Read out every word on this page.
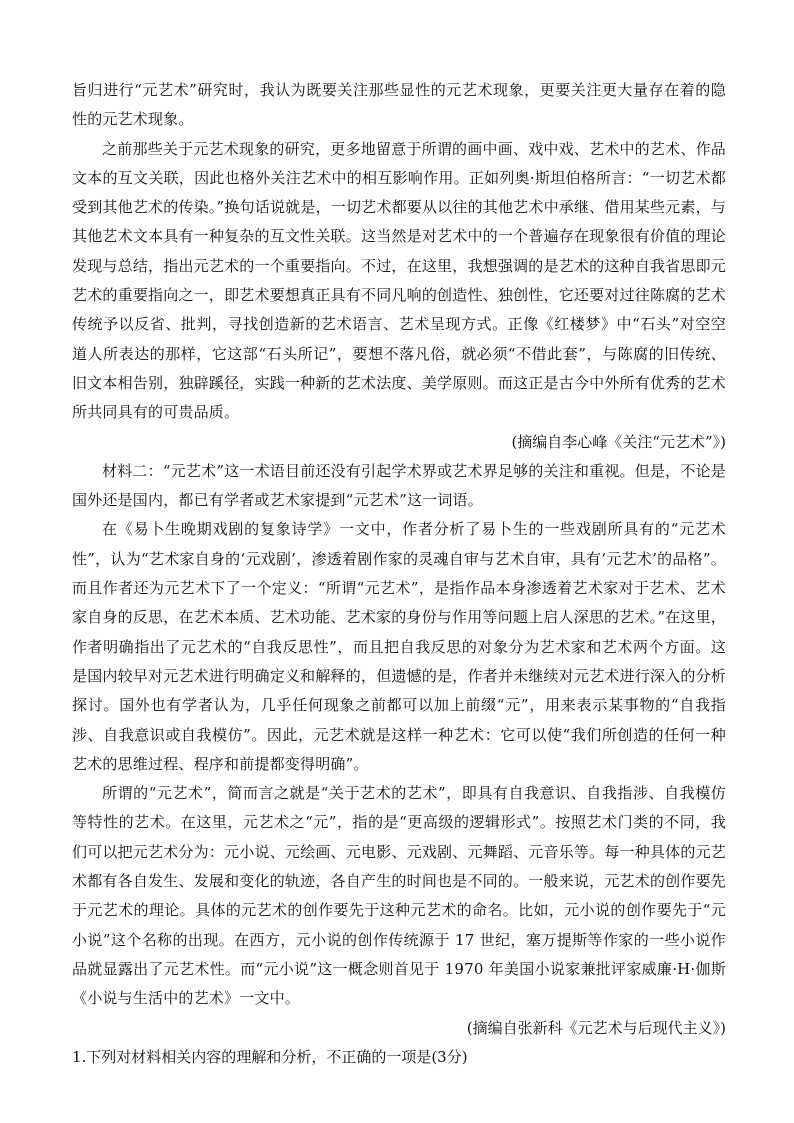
旨归进行“元艺术”研究时，我认为既要关注那些显性的元艺术现象，更要关注更大量存在着的隐性的元艺术现象。

之前那些关于元艺术现象的研究，更多地留意于所谓的画中画、戏中戏、艺术中的艺术、作品文本的互文关联，因此也格外关注艺术中的相互影响作用。正如列奥·斯坦伯格所言：“一切艺术都受到其他艺术的传染。”换句话说就是，一切艺术都要从以往的其他艺术中承继、借用某些元素，与其他艺术文本具有一种复杂的互文性关联。这当然是对艺术中的一个普遍存在现象很有价值的理论发现与总结，指出元艺术的一个重要指向。不过，在这里，我想强调的是艺术的这种自我省思即元艺术的重要指向之一，即艺术要想真正具有不同凡响的创造性、独创性，它还要对过往陈腐的艺术传统予以反省、批判，寻找创造新的艺术语言、艺术呈现方式。正像《红楼梦》中“石头”对空空道人所表达的那样，它这部“石头所记”，要想不落凡俗，就必须“不借此套”，与陈腐的旧传统、旧文本相告别，独辟蹊径，实践一种新的艺术法度、美学原则。而这正是古今中外所有优秀的艺术所共同具有的可贵品质。

(摘编自李心峰《关注“元艺术”》)

材料二：“元艺术”这一术语目前还没有引起学术界或艺术界足够的关注和重视。但是，不论是国外还是国内，都已有学者或艺术家提到“元艺术”这一词语。

在《易卜生晚期戏剧的复象诗学》一文中，作者分析了易卜生的一些戏剧所具有的“元艺术性”，认为“艺术家自身的‘元戏剧’，渗透着剧作家的灵魂自审与艺术自审，具有‘元艺术’的品格”。而且作者还为元艺术下了一个定义：“所谓“元艺术”，是指作品本身渗透着艺术家对于艺术、艺术家自身的反思，在艺术本质、艺术功能、艺术家的身份与作用等问题上启人深思的艺术。”在这里，作者明确指出了元艺术的“自我反思性”，而且把自我反思的对象分为艺术家和艺术两个方面。这是国内较早对元艺术进行明确定义和解释的，但遗憾的是，作者并未继续对元艺术进行深入的分析探讨。国外也有学者认为，几乎任何现象之前都可以加上前缀“元”，用来表示某事物的“自我指涉、自我意识或自我模仿”。因此，元艺术就是这样一种艺术：它可以使“我们所创造的任何一种艺术的思维过程、程序和前提都变得明确”。

所谓的“元艺术”，简而言之就是“关于艺术的艺术”，即具有自我意识、自我指涉、自我模仿等特性的艺术。在这里，元艺术之“元”，指的是“更高级的逻辑形式”。按照艺术门类的不同，我们可以把元艺术分为：元小说、元绘画、元电影、元戏剧、元舞蹈、元音乐等。每一种具体的元艺术都有各自发生、发展和变化的轨迹，各自产生的时间也是不同的。一般来说，元艺术的创作要先于元艺术的理论。具体的元艺术的创作要先于这种元艺术的命名。比如，元小说的创作要先于“元小说”这个名称的出现。在西方，元小说的创作传统源于 17 世纪，塞万提斯等作家的一些小说作品就显露出了元艺术性。而“元小说”这一概念则首见于 1970 年美国小说家兼批评家威廉·H·伽斯《小说与生活中的艺术》一文中。

(摘编自张新科《元艺术与后现代主义》)

1.下列对材料相关内容的理解和分析，不正确的一项是(3分)
